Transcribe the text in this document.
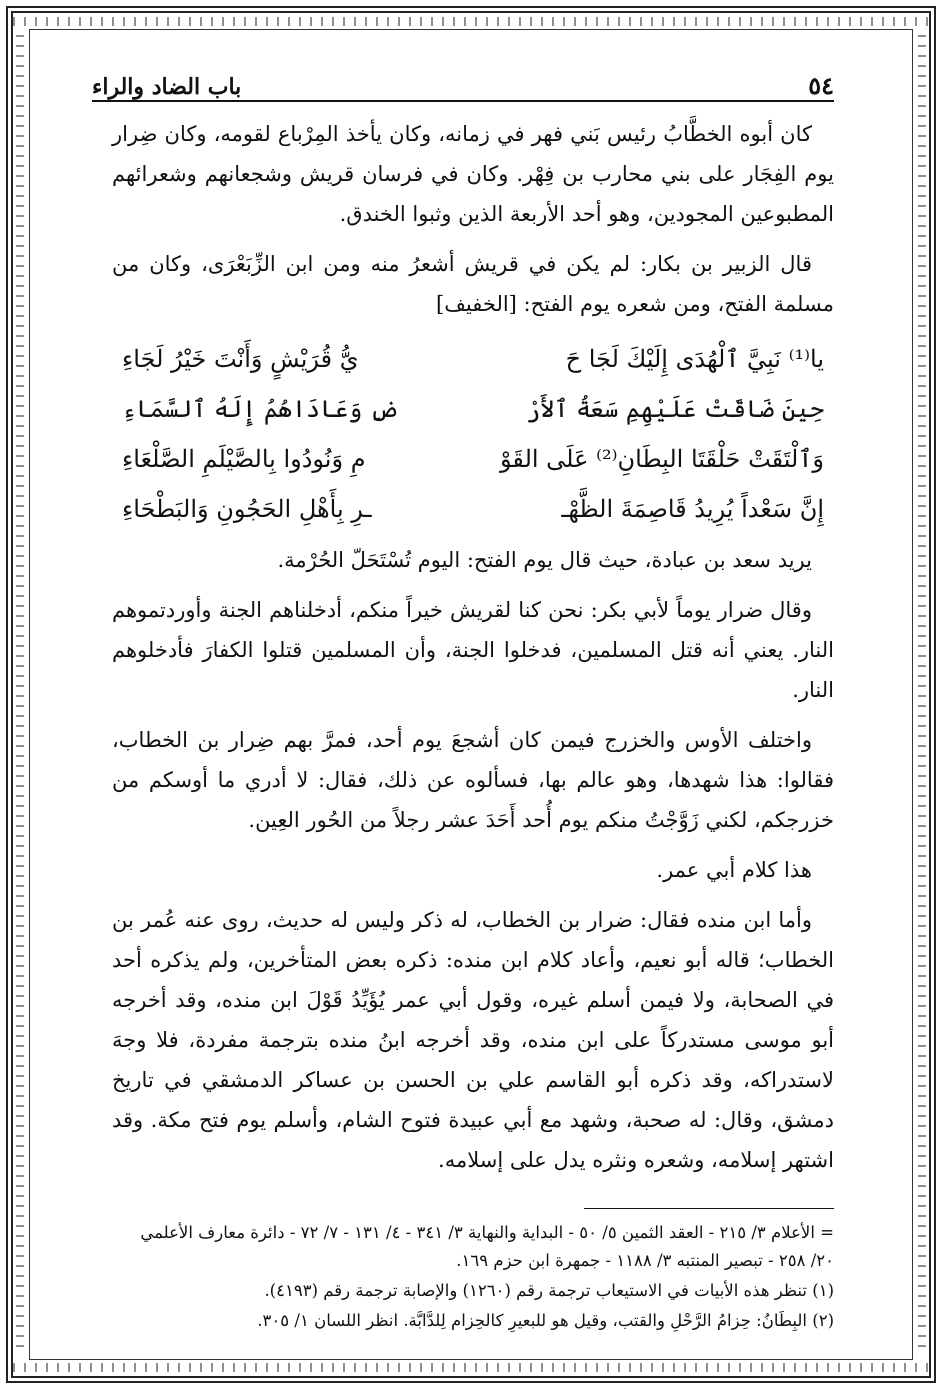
٥٤
باب الضاد والراء

كان أبوه الخطَّابُ رئيس بَني فهر في زمانه، وكان يأخذ المِرْباع لقومه، وكان ضِرار يوم الفِجَار على بني محارب بن فِهْر. وكان في فرسان قريش وشجعانهم وشعرائهم المطبوعين المجودين، وهو أحد الأربعة الذين وثبوا الخندق.

قال الزبير بن بكار: لم يكن في قريش أشعرُ منه ومن ابن الزِّبَعْرَى، وكان من مسلمة الفتح، ومن شعره يوم الفتح: [الخفيف]

يا⁽¹⁾ نَبِيَّ ٱلْهُدَى إِلَيْكَ لَجَا حَ
يُّ قُرَيْشٍ وَأَنْتَ خَيْرُ لَجَاءِ
حِينَ ضَاقَتْ عَلَيْهِمِ سَعَةُ ٱلأَرْ
ضِ وَعَادَاهُمُ إِلَهُ ٱلسَّمَاءِ
وَٱلْتَقَتْ حَلْقَتَا البِطَانِ⁽²⁾ عَلَى القَوْ
مِ وَنُودُوا بِالصَّيْلَمِ الصَّلْعَاءِ
إِنَّ سَعْداً يُرِيدُ قَاصِمَةَ الظَّهْـ
ـرِ بِأَهْلِ الحَجُونِ وَالبَطْحَاءِ

يريد سعد بن عبادة، حيث قال يوم الفتح: اليوم تُسْتَحَلّ الحُرْمة.

وقال ضرار يوماً لأبي بكر: نحن كنا لقريش خيراً منكم، أدخلناهم الجنة وأوردتموهم النار. يعني أنه قتل المسلمين، فدخلوا الجنة، وأن المسلمين قتلوا الكفارَ فأدخلوهم النار.

واختلف الأوس والخزرج فيمن كان أشجعَ يوم أحد، فمرَّ بهم ضِرار بن الخطاب، فقالوا: هذا شهدها، وهو عالم بها، فسألوه عن ذلك، فقال: لا أدري ما أوسكم من خزرجكم، لكني زَوَّجْتُ منكم يوم أُحد أَحَدَ عشر رجلاً من الحُور العِين.

هذا كلام أبي عمر.

وأما ابن منده فقال: ضرار بن الخطاب، له ذكر وليس له حديث، روى عنه عُمر بن الخطاب؛ قاله أبو نعيم، وأعاد كلام ابن منده: ذكره بعض المتأخرين، ولم يذكره أحد في الصحابة، ولا فيمن أسلم غيره، وقول أبي عمر يُؤَيِّدُ قَوْلَ ابن منده، وقد أخرجه أبو موسى مستدركاً على ابن منده، وقد أخرجه ابنُ منده بترجمة مفردة، فلا وجهَ لاستدراكه، وقد ذكره أبو القاسم علي بن الحسن بن عساكر الدمشقي في تاريخ دمشق، وقال: له صحبة، وشهد مع أبي عبيدة فتوح الشام، وأسلم يوم فتح مكة. وقد اشتهر إسلامه، وشعره ونثره يدل على إسلامه.

= الأعلام ٣/ ٢١٥ - العقد الثمين ٥/ ٥٠ - البداية والنهاية ٣/ ٣٤١ - ٤/ ١٣١ - ٧/ ٧٢ - دائرة معارف الأعلمي ٢٠/ ٢٥٨ - تبصير المنتبه ٣/ ١١٨٨ - جمهرة ابن حزم ١٦٩.
(١) تنظر هذه الأبيات في الاستيعاب ترجمة رقم (١٢٦٠) والإصابة ترجمة رقم (٤١٩٣).
(٢) البِطَانُ: حِزامُ الرَّحْلِ والقتب، وقيل هو للبعيرِ كالحِزام لِلدَّابَّة. انظر اللسان ١/ ٣٠٥.
